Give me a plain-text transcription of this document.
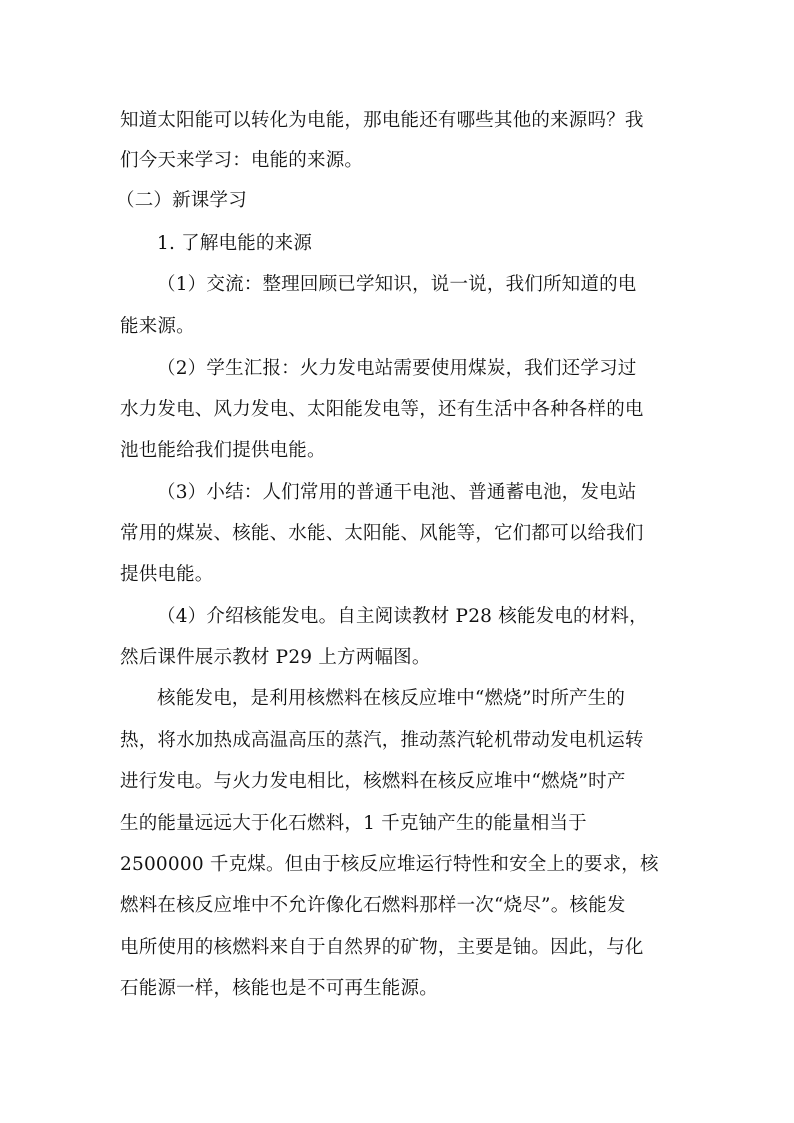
知道太阳能可以转化为电能，那电能还有哪些其他的来源吗？我
们今天来学习：电能的来源。
（二）新课学习
1. 了解电能的来源
（1）交流：整理回顾已学知识，说一说，我们所知道的电
能来源。
（2）学生汇报：火力发电站需要使用煤炭，我们还学习过
水力发电、风力发电、太阳能发电等，还有生活中各种各样的电
池也能给我们提供电能。
（3）小结：人们常用的普通干电池、普通蓄电池，发电站
常用的煤炭、核能、水能、太阳能、风能等，它们都可以给我们
提供电能。
（4）介绍核能发电。自主阅读教材 P28 核能发电的材料，
然后课件展示教材 P29 上方两幅图。
核能发电，是利用核燃料在核反应堆中“燃烧”时所产生的
热，将水加热成高温高压的蒸汽，推动蒸汽轮机带动发电机运转
进行发电。与火力发电相比，核燃料在核反应堆中“燃烧”时产
生的能量远远大于化石燃料，1 千克铀产生的能量相当于
2500000 千克煤。但由于核反应堆运行特性和安全上的要求，核
燃料在核反应堆中不允许像化石燃料那样一次“烧尽”。核能发
电所使用的核燃料来自于自然界的矿物，主要是铀。因此，与化
石能源一样，核能也是不可再生能源。
